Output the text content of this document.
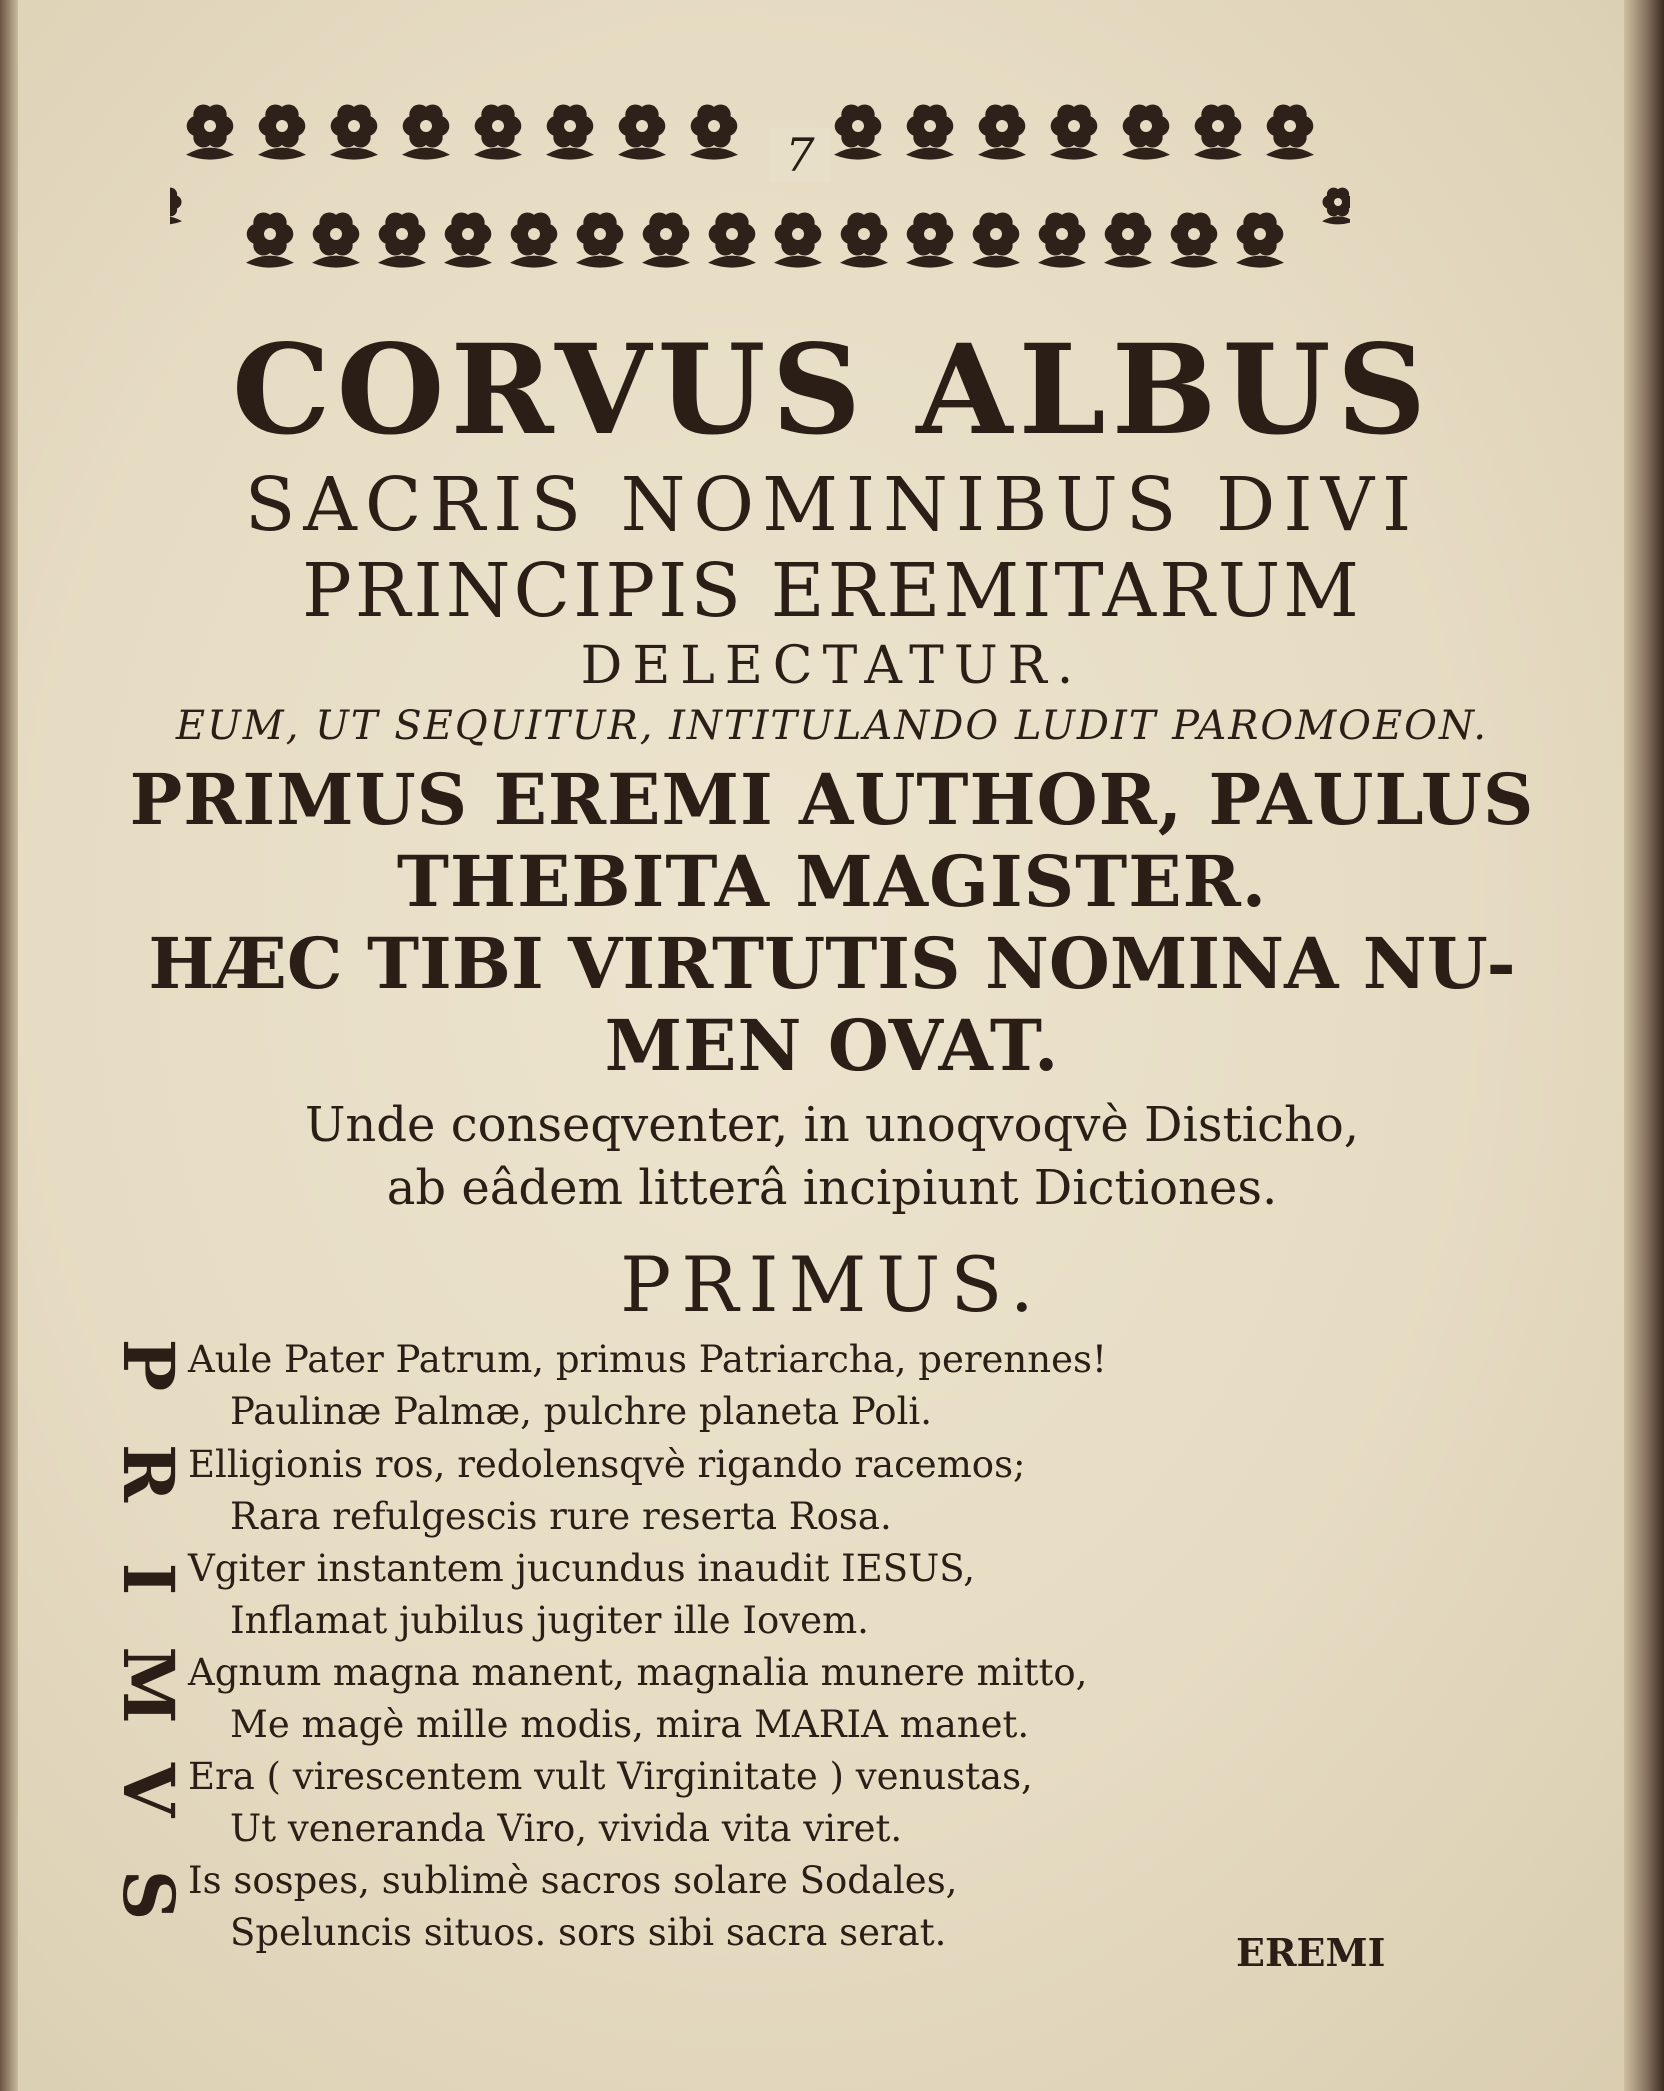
7
CORVUS ALBUS
SACRIS NOMINIBUS DIVI
PRINCIPIS EREMITARUM
DELECTATUR.
EUM, UT SEQUITUR, INTITULANDO LUDIT PAROMOEON.
PRIMUS EREMI AUTHOR, PAULUS
THEBITA MAGISTER.
HÆC TIBI VIRTUTIS NOMINA NU-
MEN OVAT.
Unde conseqventer, in unoqvoqvè Disticho,
ab eâdem litterâ incipiunt Dictiones.
PRIMUS.
P
R
I
M
V
S
Aule Pater Patrum, primus Patriarcha, perennes!
Paulinæ Palmæ, pulchre planeta Poli.
Elligionis ros, redolensqvè rigando racemos;
Rara refulgescis rure reserta Rosa.
Vgiter instantem jucundus inaudit IESUS,
Inflamat jubilus jugiter ille Iovem.
Agnum magna manent, magnalia munere mitto,
Me magè mille modis, mira MARIA manet.
Era ( virescentem vult Virginitate ) venustas,
Ut veneranda Viro, vivida vita viret.
Is sospes, sublimè sacros solare Sodales,
Speluncis situos. sors sibi sacra serat.	EREMI
